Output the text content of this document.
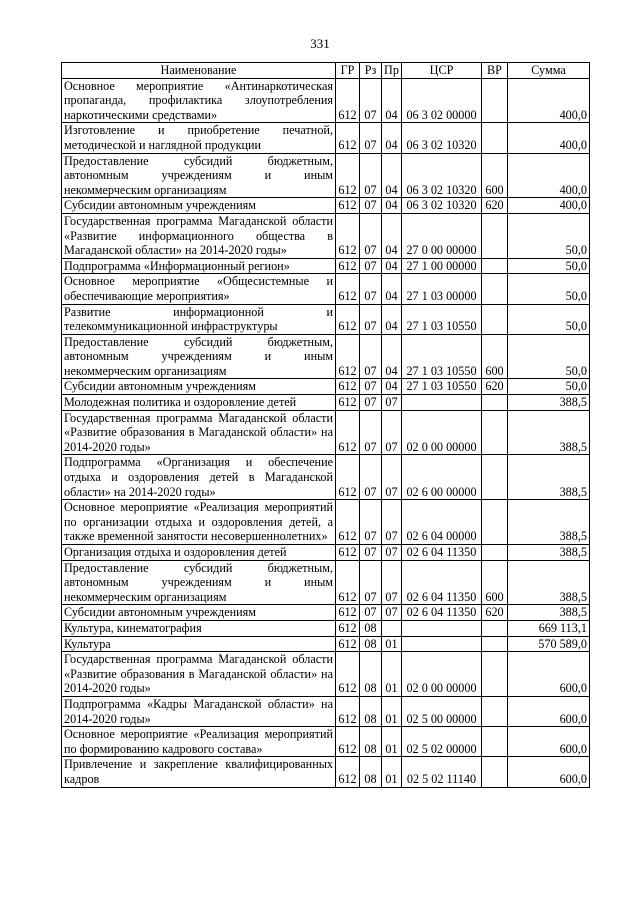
331
Наименование	ГР	Рз	Пр	ЦСР	ВР	Сумма
Основное мероприятие «Антинаркотическая пропаганда, профилактика злоупотребления наркотическими средствами»	612	07	04	06 3 02 00000		400,0
Изготовление и приобретение печатной, методической и наглядной продукции	612	07	04	06 3 02 10320		400,0
Предоставление субсидий бюджетным, автономным учреждениям и иным некоммерческим организациям	612	07	04	06 3 02 10320	600	400,0
Субсидии автономным учреждениям	612	07	04	06 3 02 10320	620	400,0
Государственная программа Магаданской области «Развитие информационного общества в Магаданской области» на 2014-2020 годы»	612	07	04	27 0 00 00000		50,0
Подпрограмма «Информационный регион»	612	07	04	27 1 00 00000		50,0
Основное мероприятие «Общесистемные и обеспечивающие мероприятия»	612	07	04	27 1 03 00000		50,0
Развитие информационной и телекоммуникационной инфраструктуры	612	07	04	27 1 03 10550		50,0
Предоставление субсидий бюджетным, автономным учреждениям и иным некоммерческим организациям	612	07	04	27 1 03 10550	600	50,0
Субсидии автономным учреждениям	612	07	04	27 1 03 10550	620	50,0
Молодежная политика и оздоровление детей	612	07	07			388,5
Государственная программа Магаданской области «Развитие образования в Магаданской области» на 2014-2020 годы»	612	07	07	02 0 00 00000		388,5
Подпрограмма «Организация и обеспечение отдыха и оздоровления детей в Магаданской области» на 2014-2020 годы»	612	07	07	02 6 00 00000		388,5
Основное мероприятие «Реализация мероприятий по организации отдыха и оздоровления детей, а также временной занятости несовершеннолетних»	612	07	07	02 6 04 00000		388,5
Организация отдыха и оздоровления детей	612	07	07	02 6 04 11350		388,5
Предоставление субсидий бюджетным, автономным учреждениям и иным некоммерческим организациям	612	07	07	02 6 04 11350	600	388,5
Субсидии автономным учреждениям	612	07	07	02 6 04 11350	620	388,5
Культура, кинематография	612	08				669 113,1
Культура	612	08	01			570 589,0
Государственная программа Магаданской области «Развитие образования в Магаданской области» на 2014-2020 годы»	612	08	01	02 0 00 00000		600,0
Подпрограмма «Кадры Магаданской области» на 2014-2020 годы»	612	08	01	02 5 00 00000		600,0
Основное мероприятие «Реализация мероприятий по формированию кадрового состава»	612	08	01	02 5 02 00000		600,0
Привлечение и закрепление квалифицированных кадров	612	08	01	02 5 02 11140		600,0
